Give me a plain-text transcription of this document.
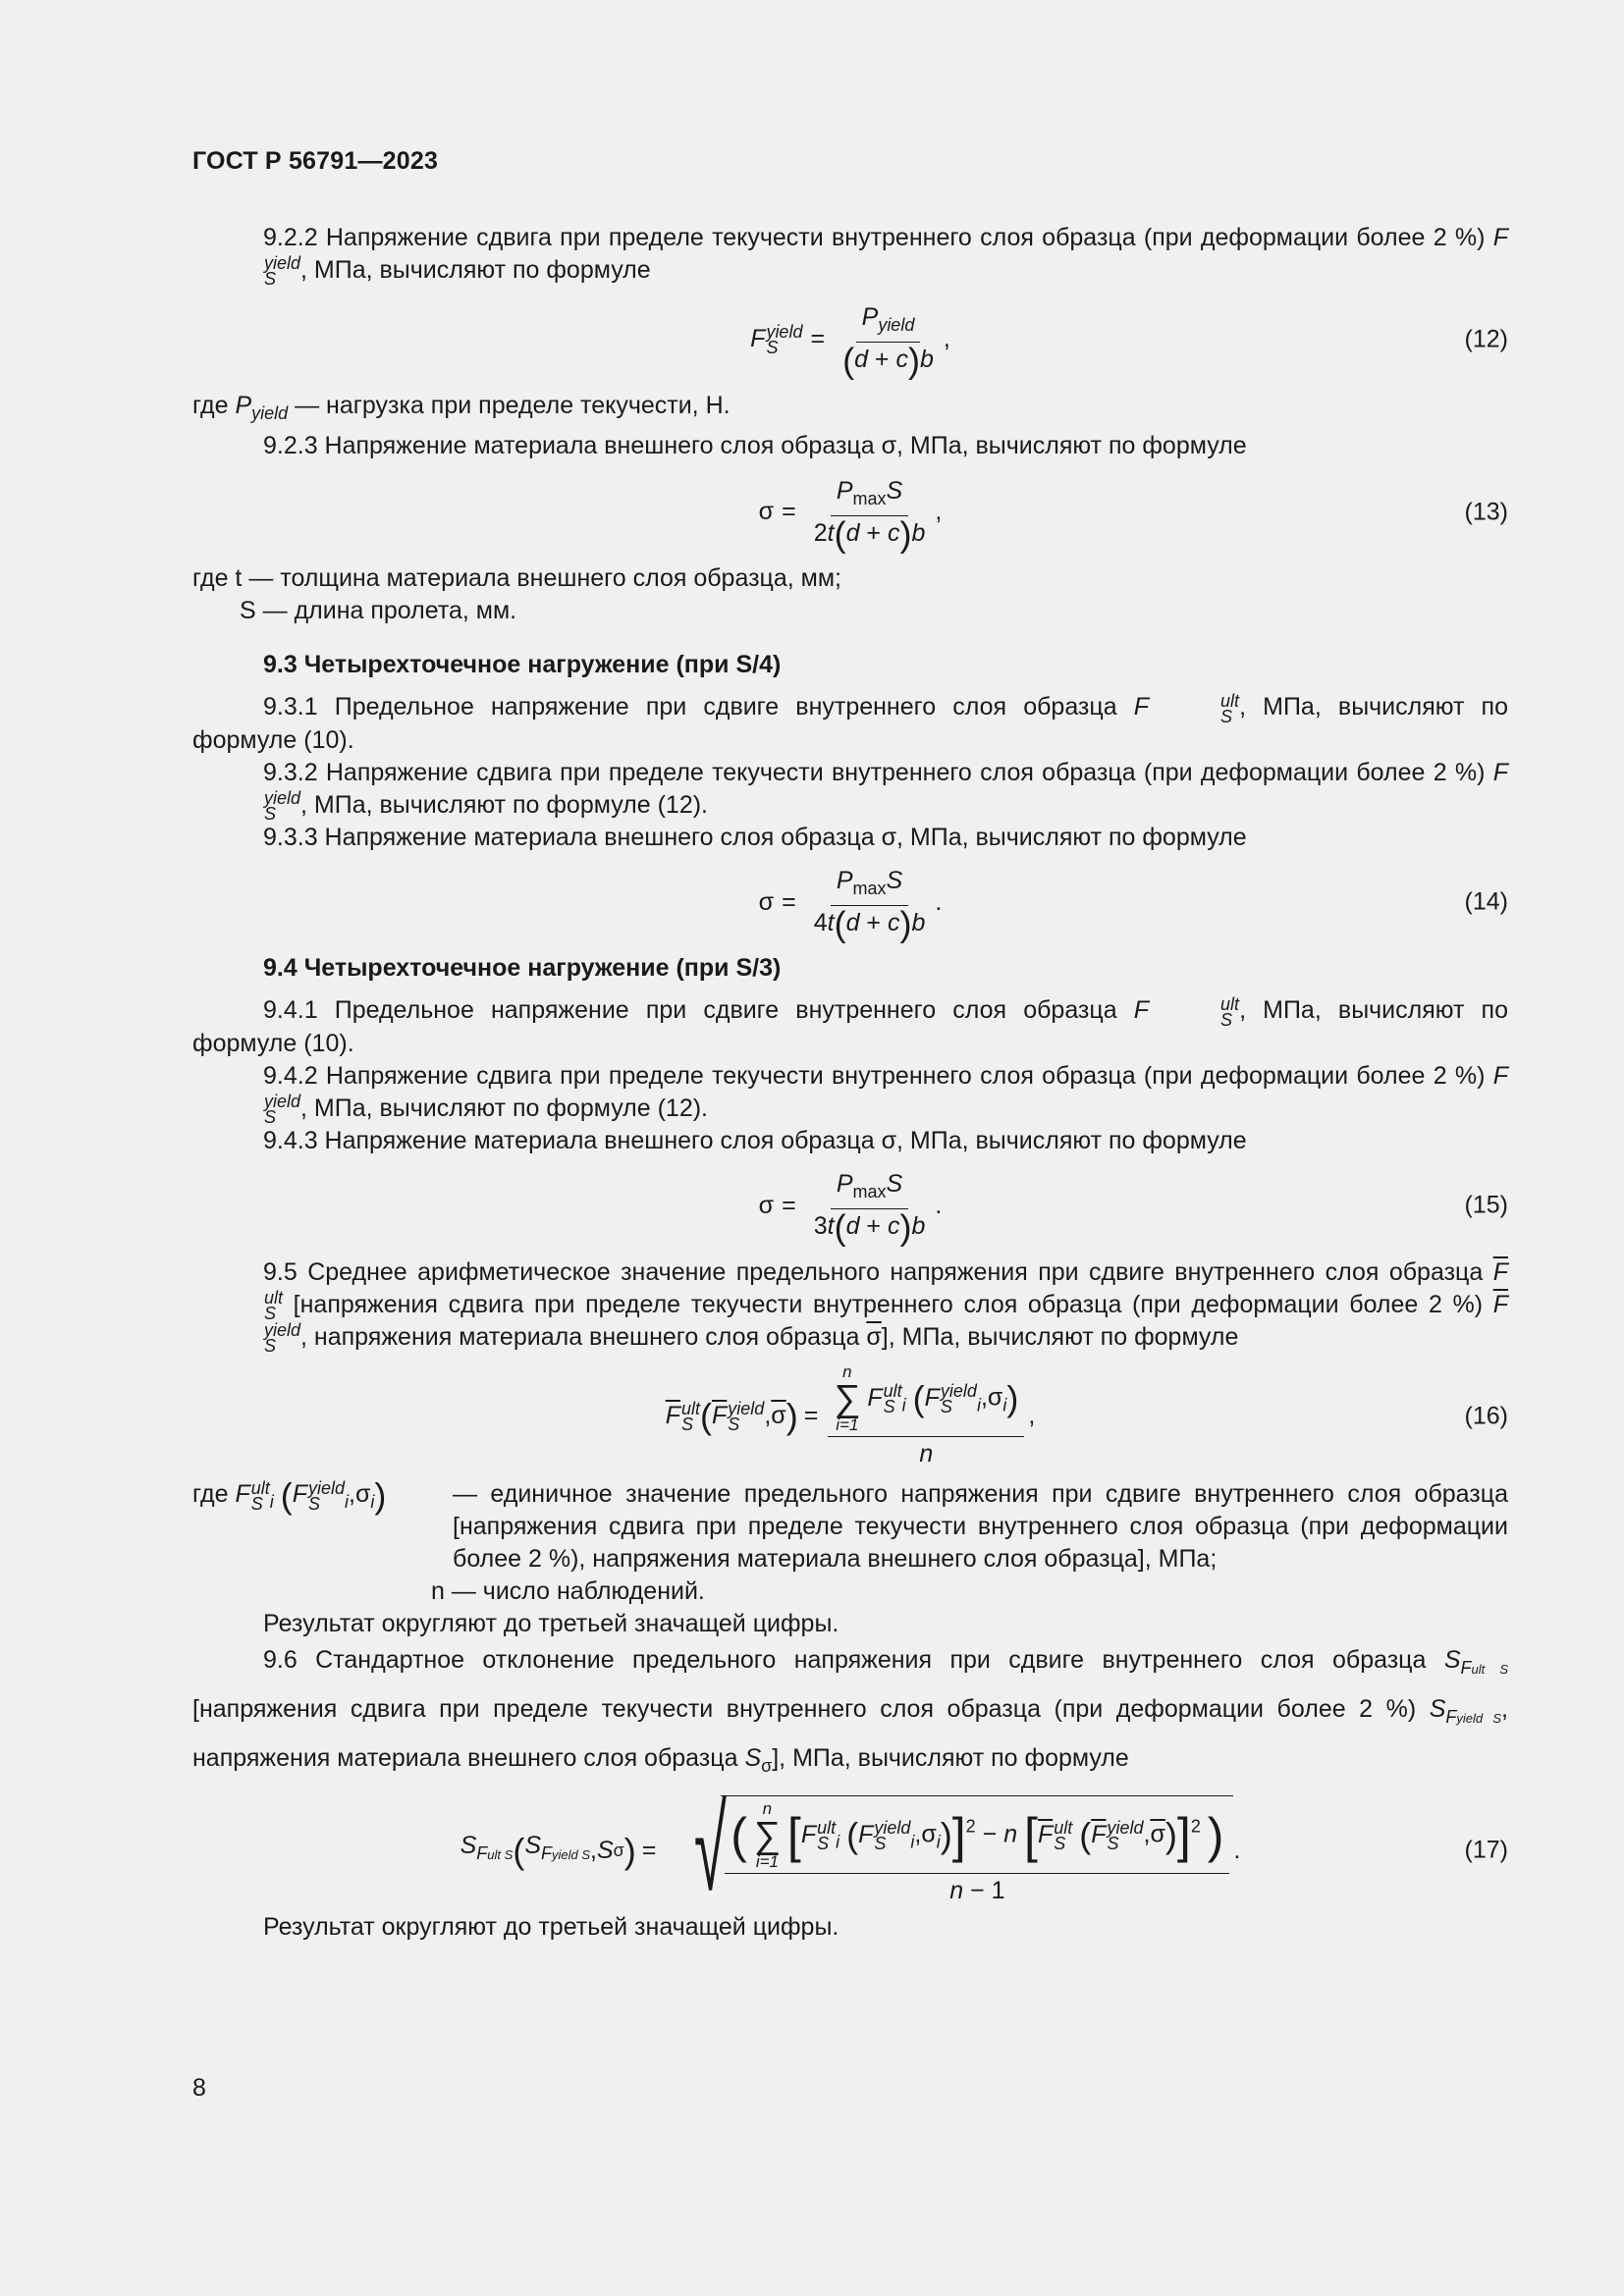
ГОСТ Р 56791—2023

9.2.2 Напряжение сдвига при пределе текучести внутреннего слоя образца (при деформации более 2 %) F
yield
S	, МПа, вычисляют по формуле

F yield
S	= $\frac{P_{yield}}{(d + c)b}$ ,	(12)

где $P_{yield}$ — нагрузка при пределе текучести, Н.

9.2.3 Напряжение материала внешнего слоя образца σ, МПа, вычисляют по формуле

$\sigma = \frac{P_{max}S}{2t(d + c)b}$ ,	(13)

где t — толщина материала внешнего слоя образца, мм;

S — длина пролета, мм.

9.3 Четырехточечное нагружение (при S/4)

9.3.1 Предельное напряжение при сдвиге внутреннего слоя образца F	ult
S , МПа, вычисляют по формуле (10).

9.3.2 Напряжение сдвига при пределе текучести внутреннего слоя образца (при деформации более 2 %) F
yield
S	, МПа, вычисляют по формуле (12).

9.3.3 Напряжение материала внешнего слоя образца σ, МПа, вычисляют по формуле

$\sigma = \frac{P_{max}S}{4t(d + c)b}$ .	(14)

9.4 Четырехточечное нагружение (при S/3)

9.4.1 Предельное напряжение при сдвиге внутреннего слоя образца F	ult
S , МПа, вычисляют по формуле (10).

9.4.2 Напряжение сдвига при пределе текучести внутреннего слоя образца (при деформации более 2 %) F
yield
S	, МПа, вычисляют по формуле (12).

9.4.3 Напряжение материала внешнего слоя образца σ, МПа, вычисляют по формуле

$\sigma = \frac{P_{max}S}{3t(d + c)b}$ .	(15)

9.5 Среднее арифметическое значение предельного напряжения при сдвиге внутреннего слоя образца $\overline{F}$
ult
S [напряжения сдвига при пределе текучести внутреннего слоя образца (при деформации более 2 %) $\overline{F}$
yield
S	, напряжения материала внешнего слоя образца $\overline{\sigma}$], МПа, вычисляют по формуле

$\overline{F}$ ult
S ( $\overline{F}$ yield
S	, $\overline{\sigma}$ ) = n
∑
i=1
F ult
S $_i$ (F yield
S	$_i,\sigma_i$)
n ,	(16)
где F ult
S $_i$ (F yield
S	$_i,\sigma_i$)	— единичное значение предельного напряжения при сдвиге внутреннего слоя образца [напряжения сдвига при пределе текучести внутреннего слоя образца (при деформации более 2 %), напряжения материала внешнего слоя образца], МПа;

n — число наблюдений.

Результат округляют до третьей значащей цифры.

9.6 Стандартное отклонение предельного напряжения при сдвиге внутреннего слоя образца $S_{Fult S}$ [напряжения сдвига при пределе текучести внутреннего слоя образца (при деформации более 2 %) $S_{Fyield S}$, напряжения материала внешнего слоя образца $S_\sigma$], МПа, вычисляют по формуле

$S_{Fult S}$ ( $S_{Fyield S}$ , S σ ) = √ ( n
∑
i=1 [F ult
S $_i$ (F yield
S	$_i,\sigma_i)]^2 - n$ [$\overline{F}$ ult
S ($\overline{F}$ yield
S	$,\overline{\sigma})]^2$ )
n − 1
.	(17)

Результат округляют до третьей значащей цифры.

8
